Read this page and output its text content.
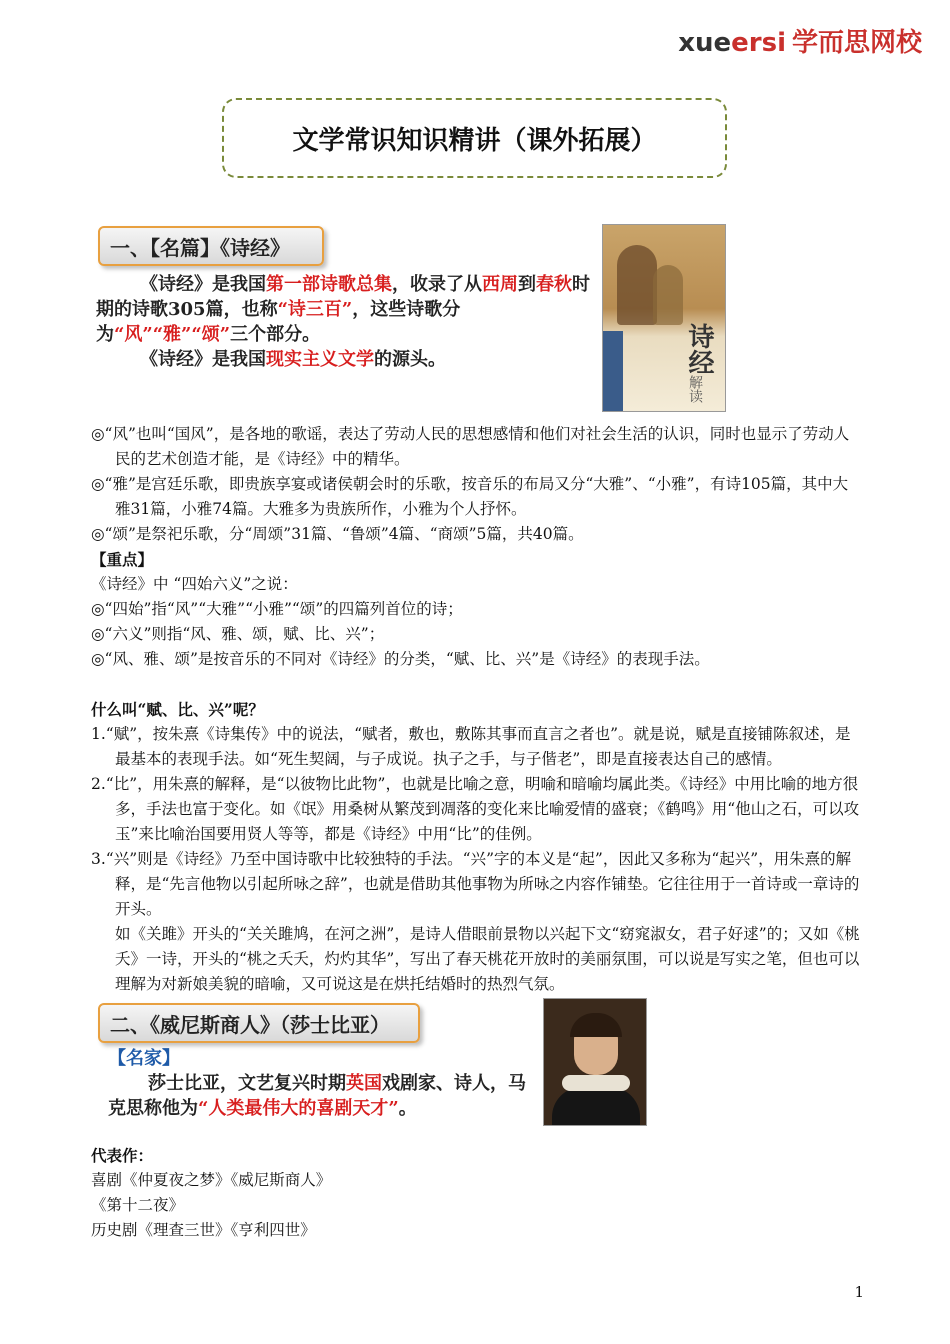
xueersi 学而思网校
文学常识知识精讲（课外拓展）
一、【名篇】《诗经》
《诗经》是我国第一部诗歌总集，收录了从西周到春秋时期的诗歌305篇，也称“诗三百”，这些诗歌分为“风”“雅”“颂”三个部分。
《诗经》是我国现实主义文学的源头。	诗经
解读
◎“风”也叫“国风”，是各地的歌谣，表达了劳动人民的思想感情和他们对社会生活的认识，同时也显示了劳动人民的艺术创造才能，是《诗经》中的精华。
◎“雅”是宫廷乐歌，即贵族享宴或诸侯朝会时的乐歌，按音乐的布局又分“大雅”、“小雅”，有诗105篇，其中大雅31篇，小雅74篇。大雅多为贵族所作，小雅为个人抒怀。
◎“颂”是祭祀乐歌，分“周颂”31篇、“鲁颂”4篇、“商颂”5篇，共40篇。
【重点】
《诗经》中 “四始六义”之说：
◎“四始”指“风”“大雅”“小雅”“颂”的四篇列首位的诗；
◎“六义”则指“风、雅、颂，赋、比、兴”；
◎“风、雅、颂”是按音乐的不同对《诗经》的分类，“赋、比、兴”是《诗经》的表现手法。
什么叫“赋、比、兴”呢？
1.“赋”，按朱熹《诗集传》中的说法，“赋者，敷也，敷陈其事而直言之者也”。就是说，赋是直接铺陈叙述，是最基本的表现手法。如“死生契阔，与子成说。执子之手，与子偕老”，即是直接表达自己的感情。
2.“比”，用朱熹的解释，是“以彼物比此物”，也就是比喻之意，明喻和暗喻均属此类。《诗经》中用比喻的地方很多，手法也富于变化。如《氓》用桑树从繁茂到凋落的变化来比喻爱情的盛衰；《鹤鸣》用“他山之石，可以攻玉”来比喻治国要用贤人等等，都是《诗经》中用“比”的佳例。
3.“兴”则是《诗经》乃至中国诗歌中比较独特的手法。“兴”字的本义是“起”，因此又多称为“起兴”，用朱熹的解释，是“先言他物以引起所咏之辞”，也就是借助其他事物为所咏之内容作铺垫。它往往用于一首诗或一章诗的开头。
如《关雎》开头的“关关雎鸠，在河之洲”，是诗人借眼前景物以兴起下文“窈窕淑女，君子好逑”的；又如《桃夭》一诗，开头的“桃之夭夭，灼灼其华”，写出了春天桃花开放时的美丽氛围，可以说是写实之笔，但也可以理解为对新娘美貌的暗喻，又可说这是在烘托结婚时的热烈气氛。
二、《威尼斯商人》（莎士比亚）
【名家】
莎士比亚，文艺复兴时期英国戏剧家、诗人，马克思称他为“人类最伟大的喜剧天才”。
代表作：
喜剧《仲夏夜之梦》《威尼斯商人》
《第十二夜》
历史剧《理查三世》《亨利四世》
1
